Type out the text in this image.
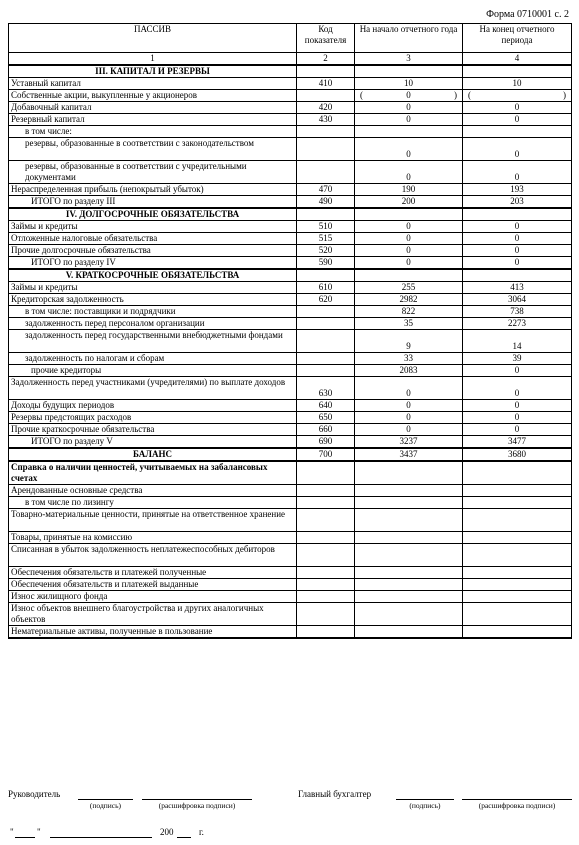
Форма 0710001 с. 2
ПАССИВ	Код показателя	На начало отчетного года	На конец отчетного периода
1	2	3	4
III. КАПИТАЛ И РЕЗЕРВЫ			
Уставный капитал	410	10	10
Собственные акции, выкупленные у акционеров		( 0 )	( )

Добавочный капитал	420	0	0
Резервный капитал	430	0	0
в том числе:			
резервы, образованные в соответствии с законодательством		0	0
резервы, образованные в соответствии с учредительными документами		0	0
Нераспределенная прибыль (непокрытый убыток)	470	190	193
ИТОГО по разделу III	490	200	203
IV. ДОЛГОСРОЧНЫЕ ОБЯЗАТЕЛЬСТВА			
Займы и кредиты	510	0	0
Отложенные налоговые обязательства	515	0	0
Прочие долгосрочные обязательства	520	0	0
ИТОГО по разделу IV	590	0	0
V. КРАТКОСРОЧНЫЕ ОБЯЗАТЕЛЬСТВА			
Займы и кредиты	610	255	413
Кредиторская задолженность	620	2982	3064
в том числе: поставщики и подрядчики		822	738
задолженность перед персоналом организации		35	2273
задолженность перед государственными внебюджетными фондами		9	14
задолженность по налогам и сборам		33	39
прочие кредиторы		2083	0
Задолженность перед участниками (учредителями) по выплате доходов	630	0	0
Доходы будущих периодов	640	0	0
Резервы предстоящих расходов	650	0	0
Прочие краткосрочные обязательства	660	0	0
ИТОГО по разделу V	690	3237	3477
БАЛАНС	700	3437	3680
Справка о наличии ценностей, учитываемых на забалансовых счетах			
Арендованные основные средства			
в том числе по лизингу			
Товарно-материальные ценности, принятые на ответственное хранение			
Товары, принятые на комиссию			
Списанная в убыток задолженность неплатежеспособных дебиторов			
Обеспечения обязательств и платежей полученные			
Обеспечения обязательств и платежей выданные			
Износ жилищного фонда			
Износ объектов внешнего благоустройства и других аналогичных объектов			
Нематериальные активы, полученные в пользование			

Руководитель
(подпись)	(расшифровка подписи)
Главный бухгалтер
(подпись)	(расшифровка подписи)
"	"	200	г.
